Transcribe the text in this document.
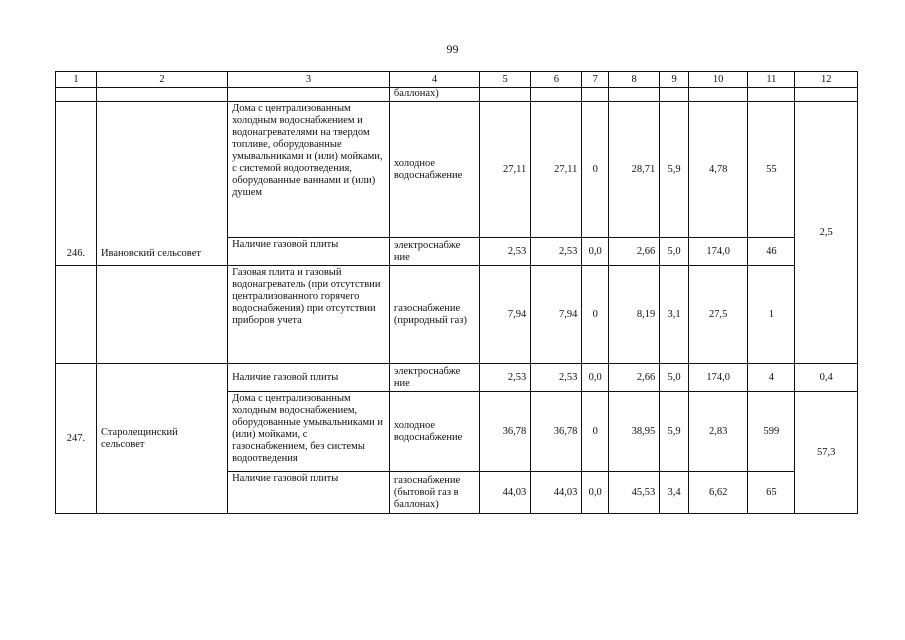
99
1	2	3	4	5	6	7	8	9	10	11	12
			баллонах)								
246.	Ивановский сельсовет	Дома с централизованным холодным водоснабжением и водонагревателями на твердом топливе, оборудованные умывальниками и (или) мойками, с системой водоотведения, оборудованные ваннами и (или) душем	холодное водоснабжение	27,11	27,11	0	28,71	5,9	4,78	55	2,5
		Наличие газовой плиты	электроснабже ние	2,53	2,53	0,0	2,66	5,0	174,0	46	
		Газовая плита и газовый водонагреватель (при отсутствии централизованного горячего водоснабжения) при отсутствии приборов учета	газоснабжение (природный газ)	7,94	7,94	0	8,19	3,1	27,5	1	
247.	Старолещинский сельсовет	Наличие газовой плиты	электроснабже ние	2,53	2,53	0,0	2,66	5,0	174,0	4	0,4
		Дома с централизованным холодным водоснабжением, оборудованные умывальниками и (или) мойками, с газоснабжением, без системы водоотведения	холодное водоснабжение	36,78	36,78	0	38,95	5,9	2,83	599	57,3
		Наличие газовой плиты	газоснабжение (бытовой газ в баллонах)	44,03	44,03	0,0	45,53	3,4	6,62	65	
